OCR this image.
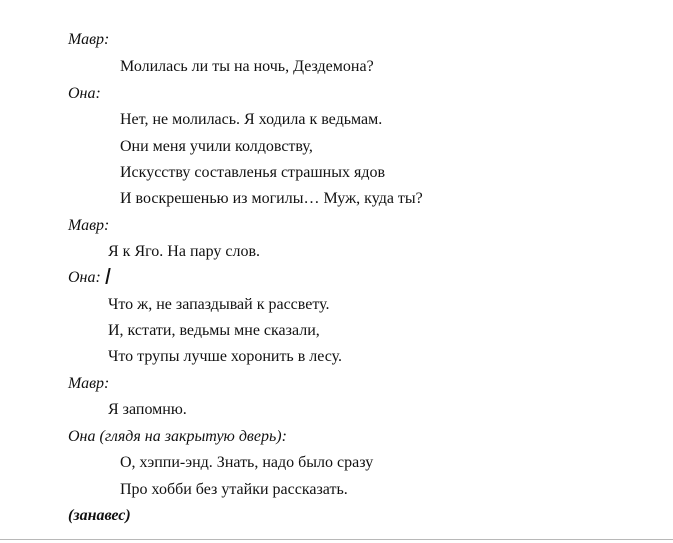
Мавр:
Молилась ли ты на ночь, Дездемона?
Она:
Нет, не молилась. Я ходила к ведьмам.
Они меня учили колдовству,
Искусству составленья страшных ядов
И воскрешенью из могилы… Муж, куда ты?
Мавр:
Я к Яго. На пару слов.
Она:
Что ж, не запаздывай к рассвету.
И, кстати, ведьмы мне сказали,
Что трупы лучше хоронить в лесу.
Мавр:
Я запомню.
Она (глядя на закрытую дверь):
О, хэппи-энд. Знать, надо было сразу
Про хобби без утайки рассказать.
(занавес)
